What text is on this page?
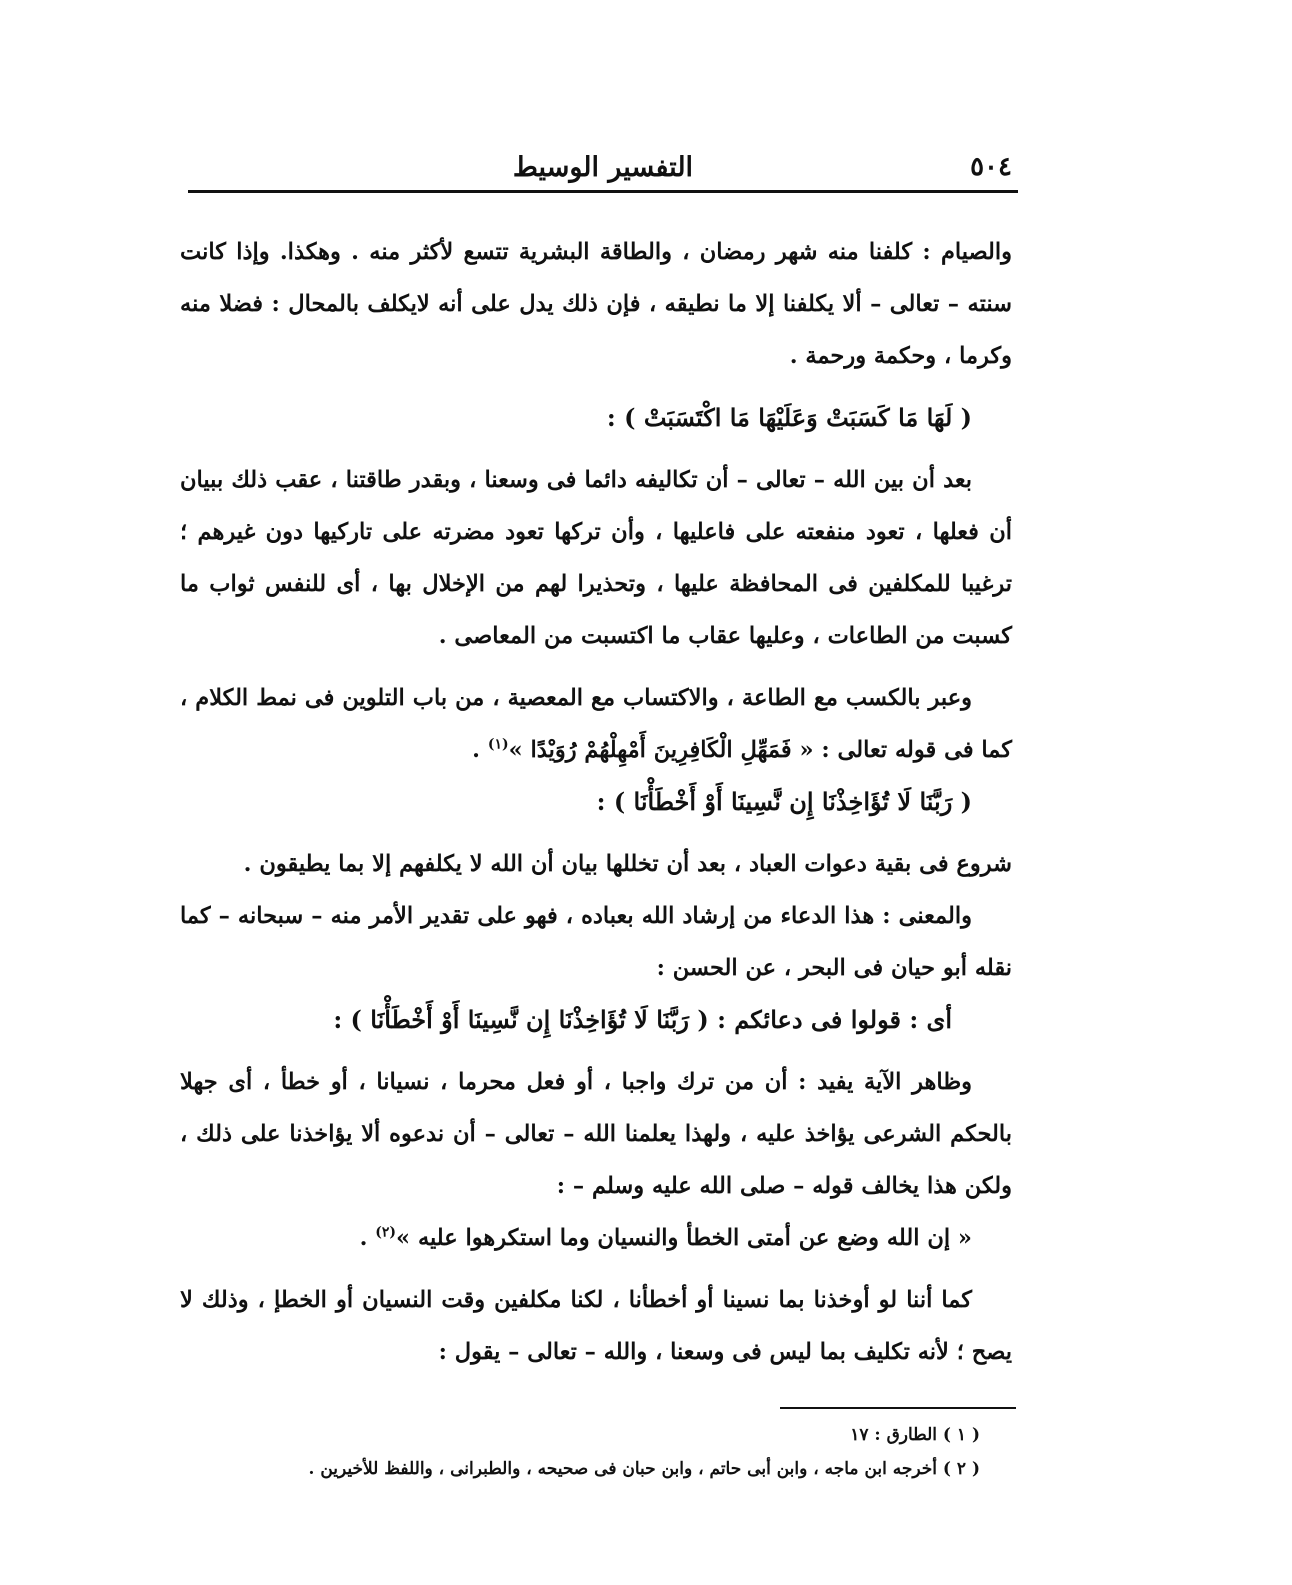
٥٠٤
التفسير الوسيط

والصيام : كلفنا منه شهر رمضان ، والطاقة البشرية تتسع لأكثر منه . وهكذا. وإذا كانت سنته – تعالى – ألا يكلفنا إلا ما نطيقه ، فإن ذلك يدل على أنه لايكلف بالمحال : فضلا منه وكرما ، وحكمة ورحمة .

( لَهَا مَا كَسَبَتْ وَعَلَيْهَا مَا اكْتَسَبَتْ ) :

بعد أن بين الله – تعالى – أن تكاليفه دائما فى وسعنا ، وبقدر طاقتنا ، عقب ذلك ببيان أن فعلها ، تعود منفعته على فاعليها ، وأن تركها تعود مضرته على تاركيها دون غيرهم ؛ ترغيبا للمكلفين فى المحافظة عليها ، وتحذيرا لهم من الإخلال بها ، أى للنفس ثواب ما كسبت من الطاعات ، وعليها عقاب ما اكتسبت من المعاصى .

وعبر بالكسب مع الطاعة ، والاكتساب مع المعصية ، من باب التلوين فى نمط الكلام ، كما فى قوله تعالى : « فَمَهِّلِ الْكَافِرِينَ أَمْهِلْهُمْ رُوَيْدًا »$^{(١)}$ .

( رَبَّنَا لَا تُؤَاخِذْنَا إِن نَّسِينَا أَوْ أَخْطَأْنَا ) :

شروع فى بقية دعوات العباد ، بعد أن تخللها بيان أن الله لا يكلفهم إلا بما يطيقون .

والمعنى : هذا الدعاء من إرشاد الله بعباده ، فهو على تقدير الأمر منه – سبحانه – كما نقله أبو حيان فى البحر ، عن الحسن :

أى : قولوا فى دعائكم : ( رَبَّنَا لَا تُؤَاخِذْنَا إِن نَّسِينَا أَوْ أَخْطَأْنَا ) :

وظاهر الآية يفيد : أن من ترك واجبا ، أو فعل محرما ، نسيانا ، أو خطأ ، أى جهلا بالحكم الشرعى يؤاخذ عليه ، ولهذا يعلمنا الله – تعالى – أن ندعوه ألا يؤاخذنا على ذلك ، ولكن هذا يخالف قوله – صلى الله عليه وسلم – :

« إن الله وضع عن أمتى الخطأ والنسيان وما استكرهوا عليه »$^{(٢)}$ .

كما أننا لو أوخذنا بما نسينا أو أخطأنا ، لكنا مكلفين وقت النسيان أو الخطإ ، وذلك لا يصح ؛ لأنه تكليف بما ليس فى وسعنا ، والله – تعالى – يقول :

( ١ ) الطارق : ١٧

( ٢ ) أخرجه ابن ماجه ، وابن أبى حاتم ، وابن حبان فى صحيحه ، والطبرانى ، واللفظ للأخيرين .
